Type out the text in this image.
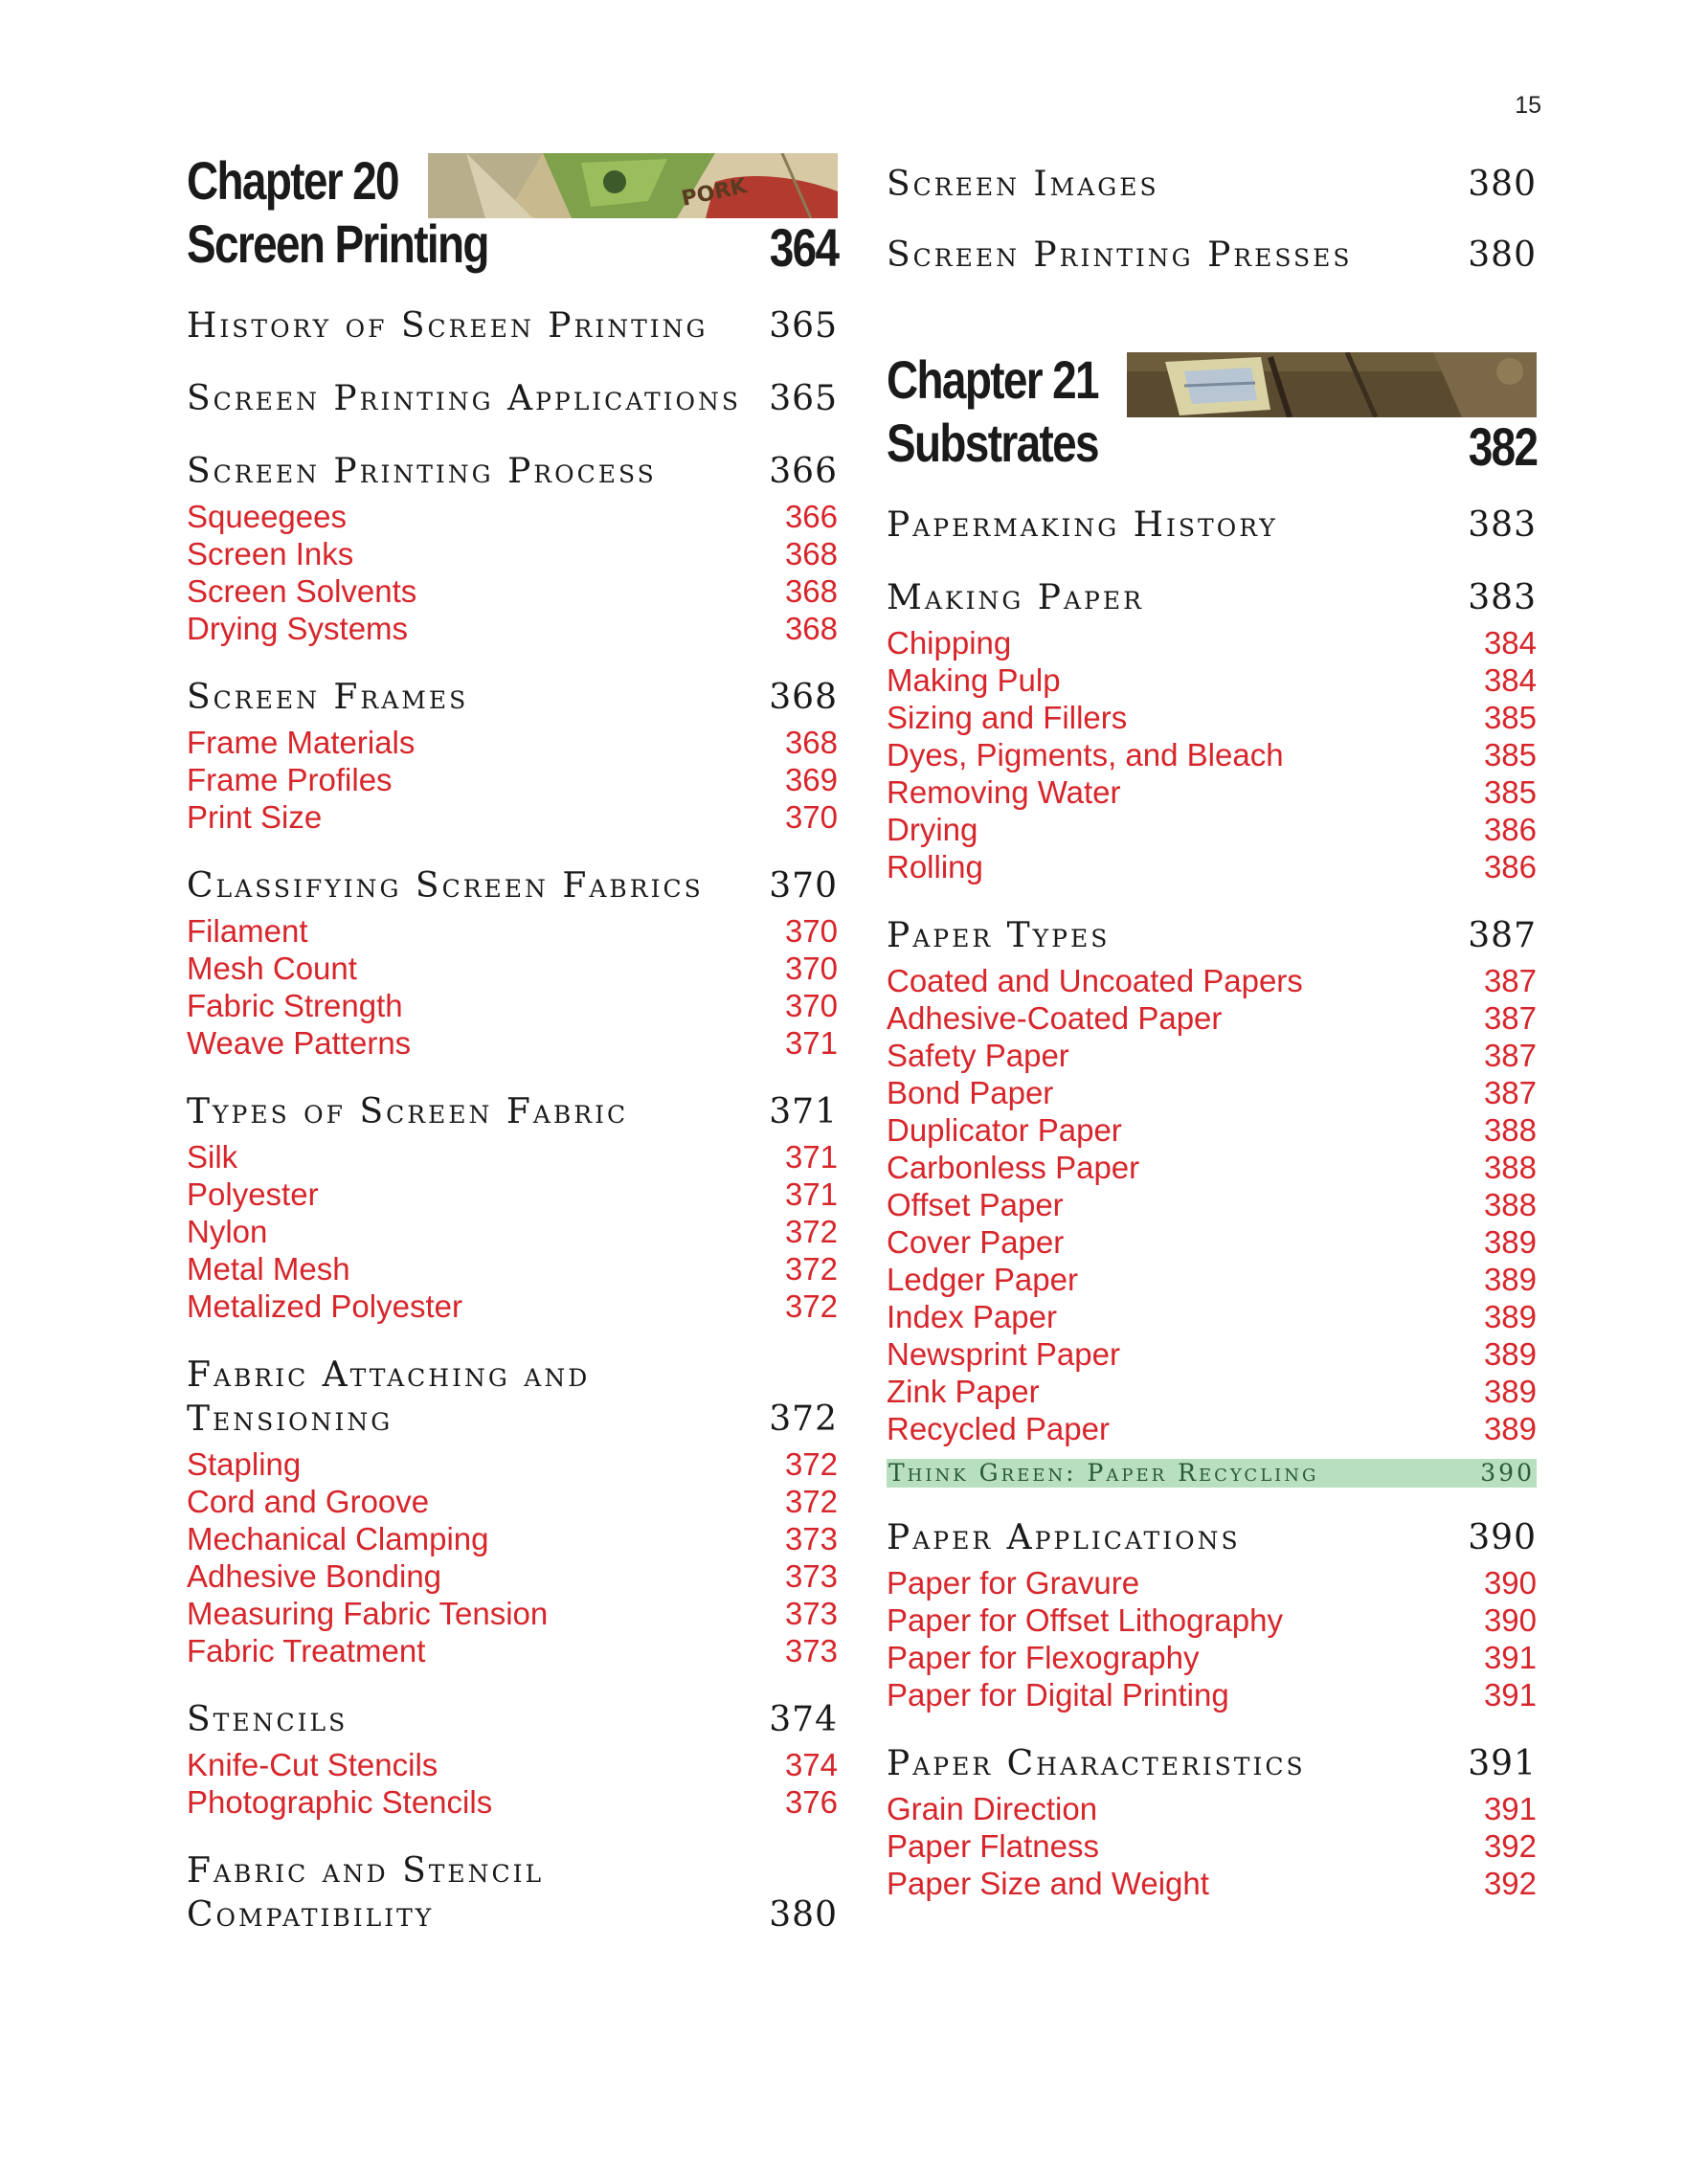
15
Chapter 20	PORK
Screen Printing	364
History of Screen Printing	365
Screen Printing Applications 365
Screen Printing Process	366
Squeegees	366
Screen Inks	368
Screen Solvents	368
Drying Systems	368
Screen Frames	368
Frame Materials	368
Frame Profiles	369
Print Size	370
Classifying Screen Fabrics	370
Filament	370
Mesh Count	370
Fabric Strength	370
Weave Patterns	371
Types of Screen Fabric	371
Silk	371
Polyester	371
Nylon	372
Metal Mesh	372
Metalized Polyester	372
Fabric Attaching and Tensioning	372
Stapling	372
Cord and Groove	372
Mechanical Clamping	373
Adhesive Bonding	373
Measuring Fabric Tension	373
Fabric Treatment	373
Stencils	374
Knife-Cut Stencils	374
Photographic Stencils	376
Fabric and Stencil Compatibility	380
Screen Images	380
Screen Printing Presses	380
Chapter 21
Substrates	382
Papermaking History	383
Making Paper	383
Chipping	384
Making Pulp	384
Sizing and Fillers	385
Dyes, Pigments, and Bleach	385
Removing Water	385
Drying	386
Rolling	386
Paper Types	387
Coated and Uncoated Papers	387
Adhesive-Coated Paper	387
Safety Paper	387
Bond Paper	387
Duplicator Paper	388
Carbonless Paper	388
Offset Paper	388
Cover Paper	389
Ledger Paper	389
Index Paper	389
Newsprint Paper	389
Zink Paper	389
Recycled Paper	389
Think Green: Paper Recycling	390
Paper Applications	390
Paper for Gravure	390
Paper for Offset Lithography	390
Paper for Flexography	391
Paper for Digital Printing	391
Paper Characteristics	391
Grain Direction	391
Paper Flatness	392
Paper Size and Weight	392
